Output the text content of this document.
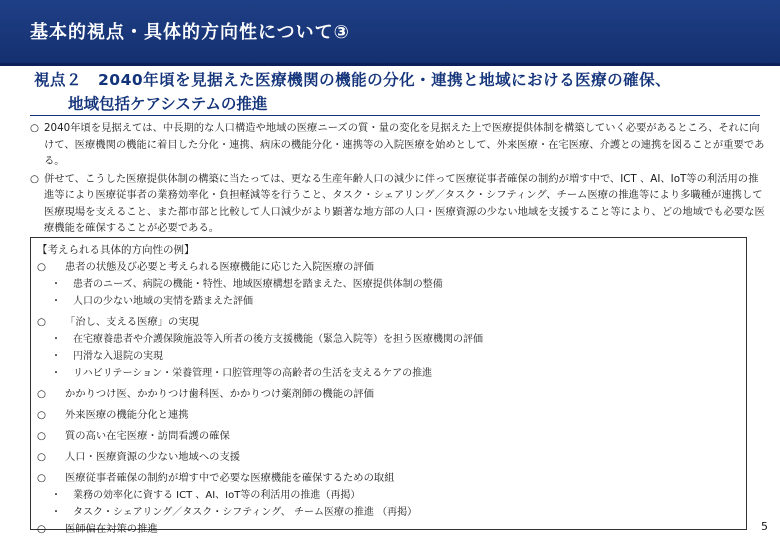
基本的視点・具体的方向性について③
視点２　2040年頃を見据えた医療機関の機能の分化・連携と地域における医療の確保、
地域包括ケアシステムの推進
○ 2040年頃を見据えては、中長期的な人口構造や地域の医療ニーズの質・量の変化を見据えた上で医療提供体制を構築していく必要があるところ、それに向けて、医療機関の機能に着目した分化・連携、病床の機能分化・連携等の入院医療を始めとして、外来医療・在宅医療、介護との連携を図ることが重要である。
○ 併せて、こうした医療提供体制の構築に当たっては、更なる生産年齢人口の減少に伴って医療従事者確保の制約が増す中で、ICT 、AI、IoT等の利活用の推進等により医療従事者の業務効率化・負担軽減等を行うこと、タスク・シェアリング／タスク・シフティング、チーム医療の推進等により多職種が連携して医療現場を支えること、また都市部と比較して人口減少がより顕著な地方部の人口・医療資源の少ない地域を支援すること等により、どの地域でも必要な医療機能を確保することが必要である。
【考えられる具体的方向性の例】
○ 患者の状態及び必要と考えられる医療機能に応じた入院医療の評価
・ 患者のニーズ、病院の機能・特性、地域医療構想を踏まえた、医療提供体制の整備
・ 人口の少ない地域の実情を踏まえた評価
○ 「治し、支える医療」の実現
・ 在宅療養患者や介護保険施設等入所者の後方支援機能（緊急入院等）を担う医療機関の評価
・ 円滑な入退院の実現
・ リハビリテーション・栄養管理・口腔管理等の高齢者の生活を支えるケアの推進
○ かかりつけ医、かかりつけ歯科医、かかりつけ薬剤師の機能の評価
○ 外来医療の機能分化と連携
○ 質の高い在宅医療・訪問看護の確保
○ 人口・医療資源の少ない地域への支援
○ 医療従事者確保の制約が増す中で必要な医療機能を確保するための取組
・ 業務の効率化に資する ICT 、AI、IoT等の利活用の推進（再掲）
・ タスク・シェアリング／タスク・シフティング、 チーム医療の推進 （再掲）
○ 医師偏在対策の推進	5
